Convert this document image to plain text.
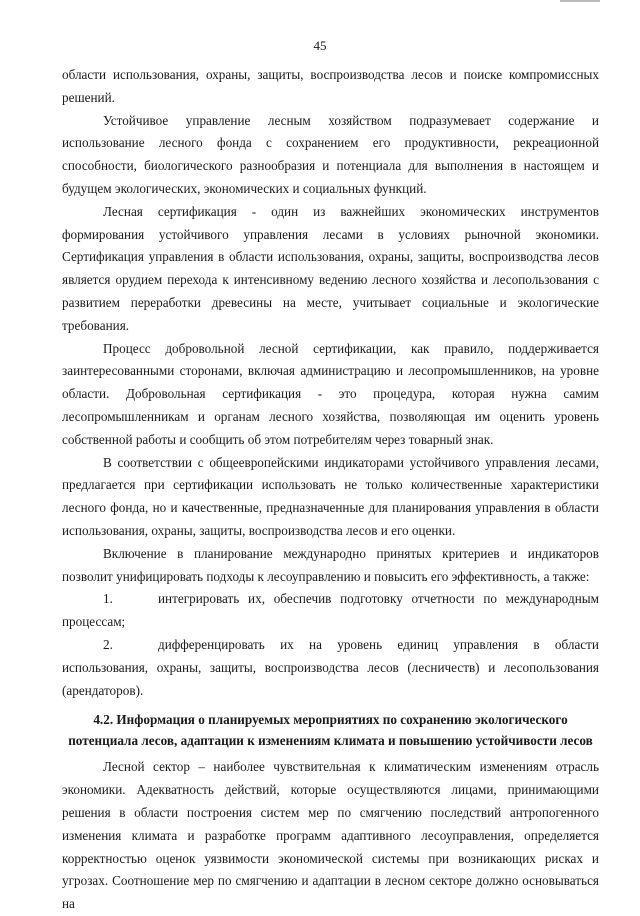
45

области использования, охраны, защиты, воспроизводства лесов и поиске компромиссных решений.

Устойчивое управление лесным хозяйством подразумевает содержание и использование лесного фонда с сохранением его продуктивности, рекреационной способности, биологического разнообразия и потенциала для выполнения в настоящем и будущем экологических, экономических и социальных функций.

Лесная сертификация - один из важнейших экономических инструментов формирования устойчивого управления лесами в условиях рыночной экономики. Сертификация управления в области использования, охраны, защиты, воспроизводства лесов является орудием перехода к интенсивному ведению лесного хозяйства и лесопользования с развитием переработки древесины на месте, учитывает социальные и экологические требования.

Процесс добровольной лесной сертификации, как правило, поддерживается заинтересованными сторонами, включая администрацию и лесопромышленников, на уровне области. Добровольная сертификация - это процедура, которая нужна самим лесопромышленникам и органам лесного хозяйства, позволяющая им оценить уровень собственной работы и сообщить об этом потребителям через товарный знак.

В соответствии с общеевропейскими индикаторами устойчивого управления лесами, предлагается при сертификации использовать не только количественные характеристики лесного фонда, но и качественные, предназначенные для планирования управления в области использования, охраны, защиты, воспроизводства лесов и его оценки.

Включение в планирование международно принятых критериев и индикаторов позволит унифицировать подходы к лесоуправлению и повысить его эффективность, а также:

1.	интегрировать их, обеспечив подготовку отчетности по международным процессам;

2.	дифференцировать их на уровень единиц управления в области использования, охраны, защиты, воспроизводства лесов (лесничеств) и лесопользования (арендаторов).

4.2. Информация о планируемых мероприятиях по сохранению экологического
потенциала лесов, адаптации к изменениям климата и повышению устойчивости лесов

Лесной сектор – наиболее чувствительная к климатическим изменениям отрасль экономики. Адекватность действий, которые осуществляются лицами, принимающими решения в области построения систем мер по смягчению последствий антропогенного изменения климата и разработке программ адаптивного лесоуправления, определяется корректностью оценок уязвимости экономической системы при возникающих рисках и угрозах. Соотношение мер по смягчению и адаптации в лесном секторе должно основываться на
